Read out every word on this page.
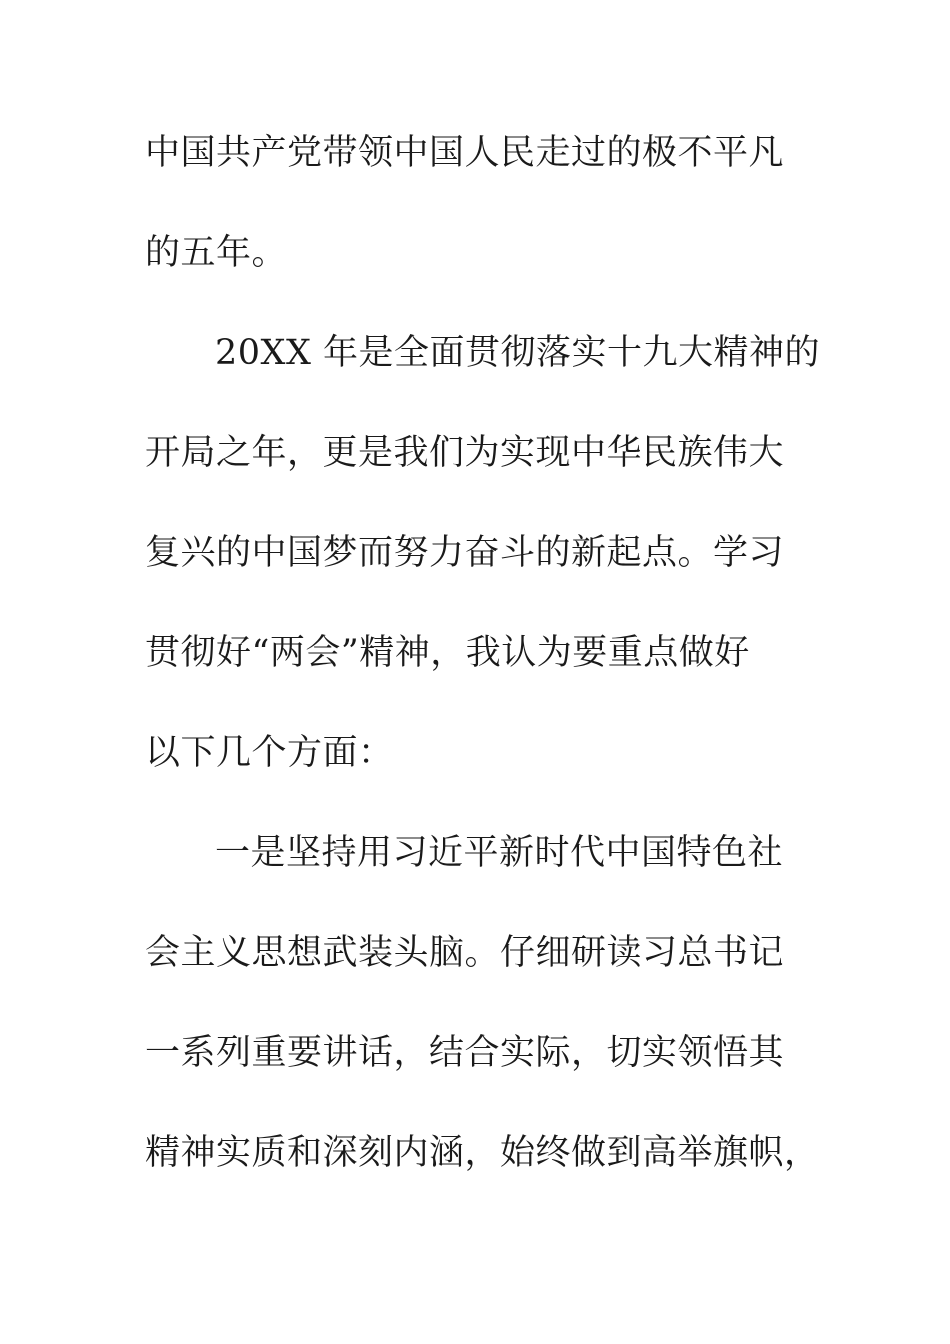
中国共产党带领中国人民走过的极不平凡

的五年。

20XX 年是全面贯彻落实十九大精神的

开局之年，更是我们为实现中华民族伟大

复兴的中国梦而努力奋斗的新起点。学习

贯彻好“两会”精神，我认为要重点做好

以下几个方面：

一是坚持用习近平新时代中国特色社

会主义思想武装头脑。仔细研读习总书记

一系列重要讲话，结合实际，切实领悟其

精神实质和深刻内涵，始终做到高举旗帜，
